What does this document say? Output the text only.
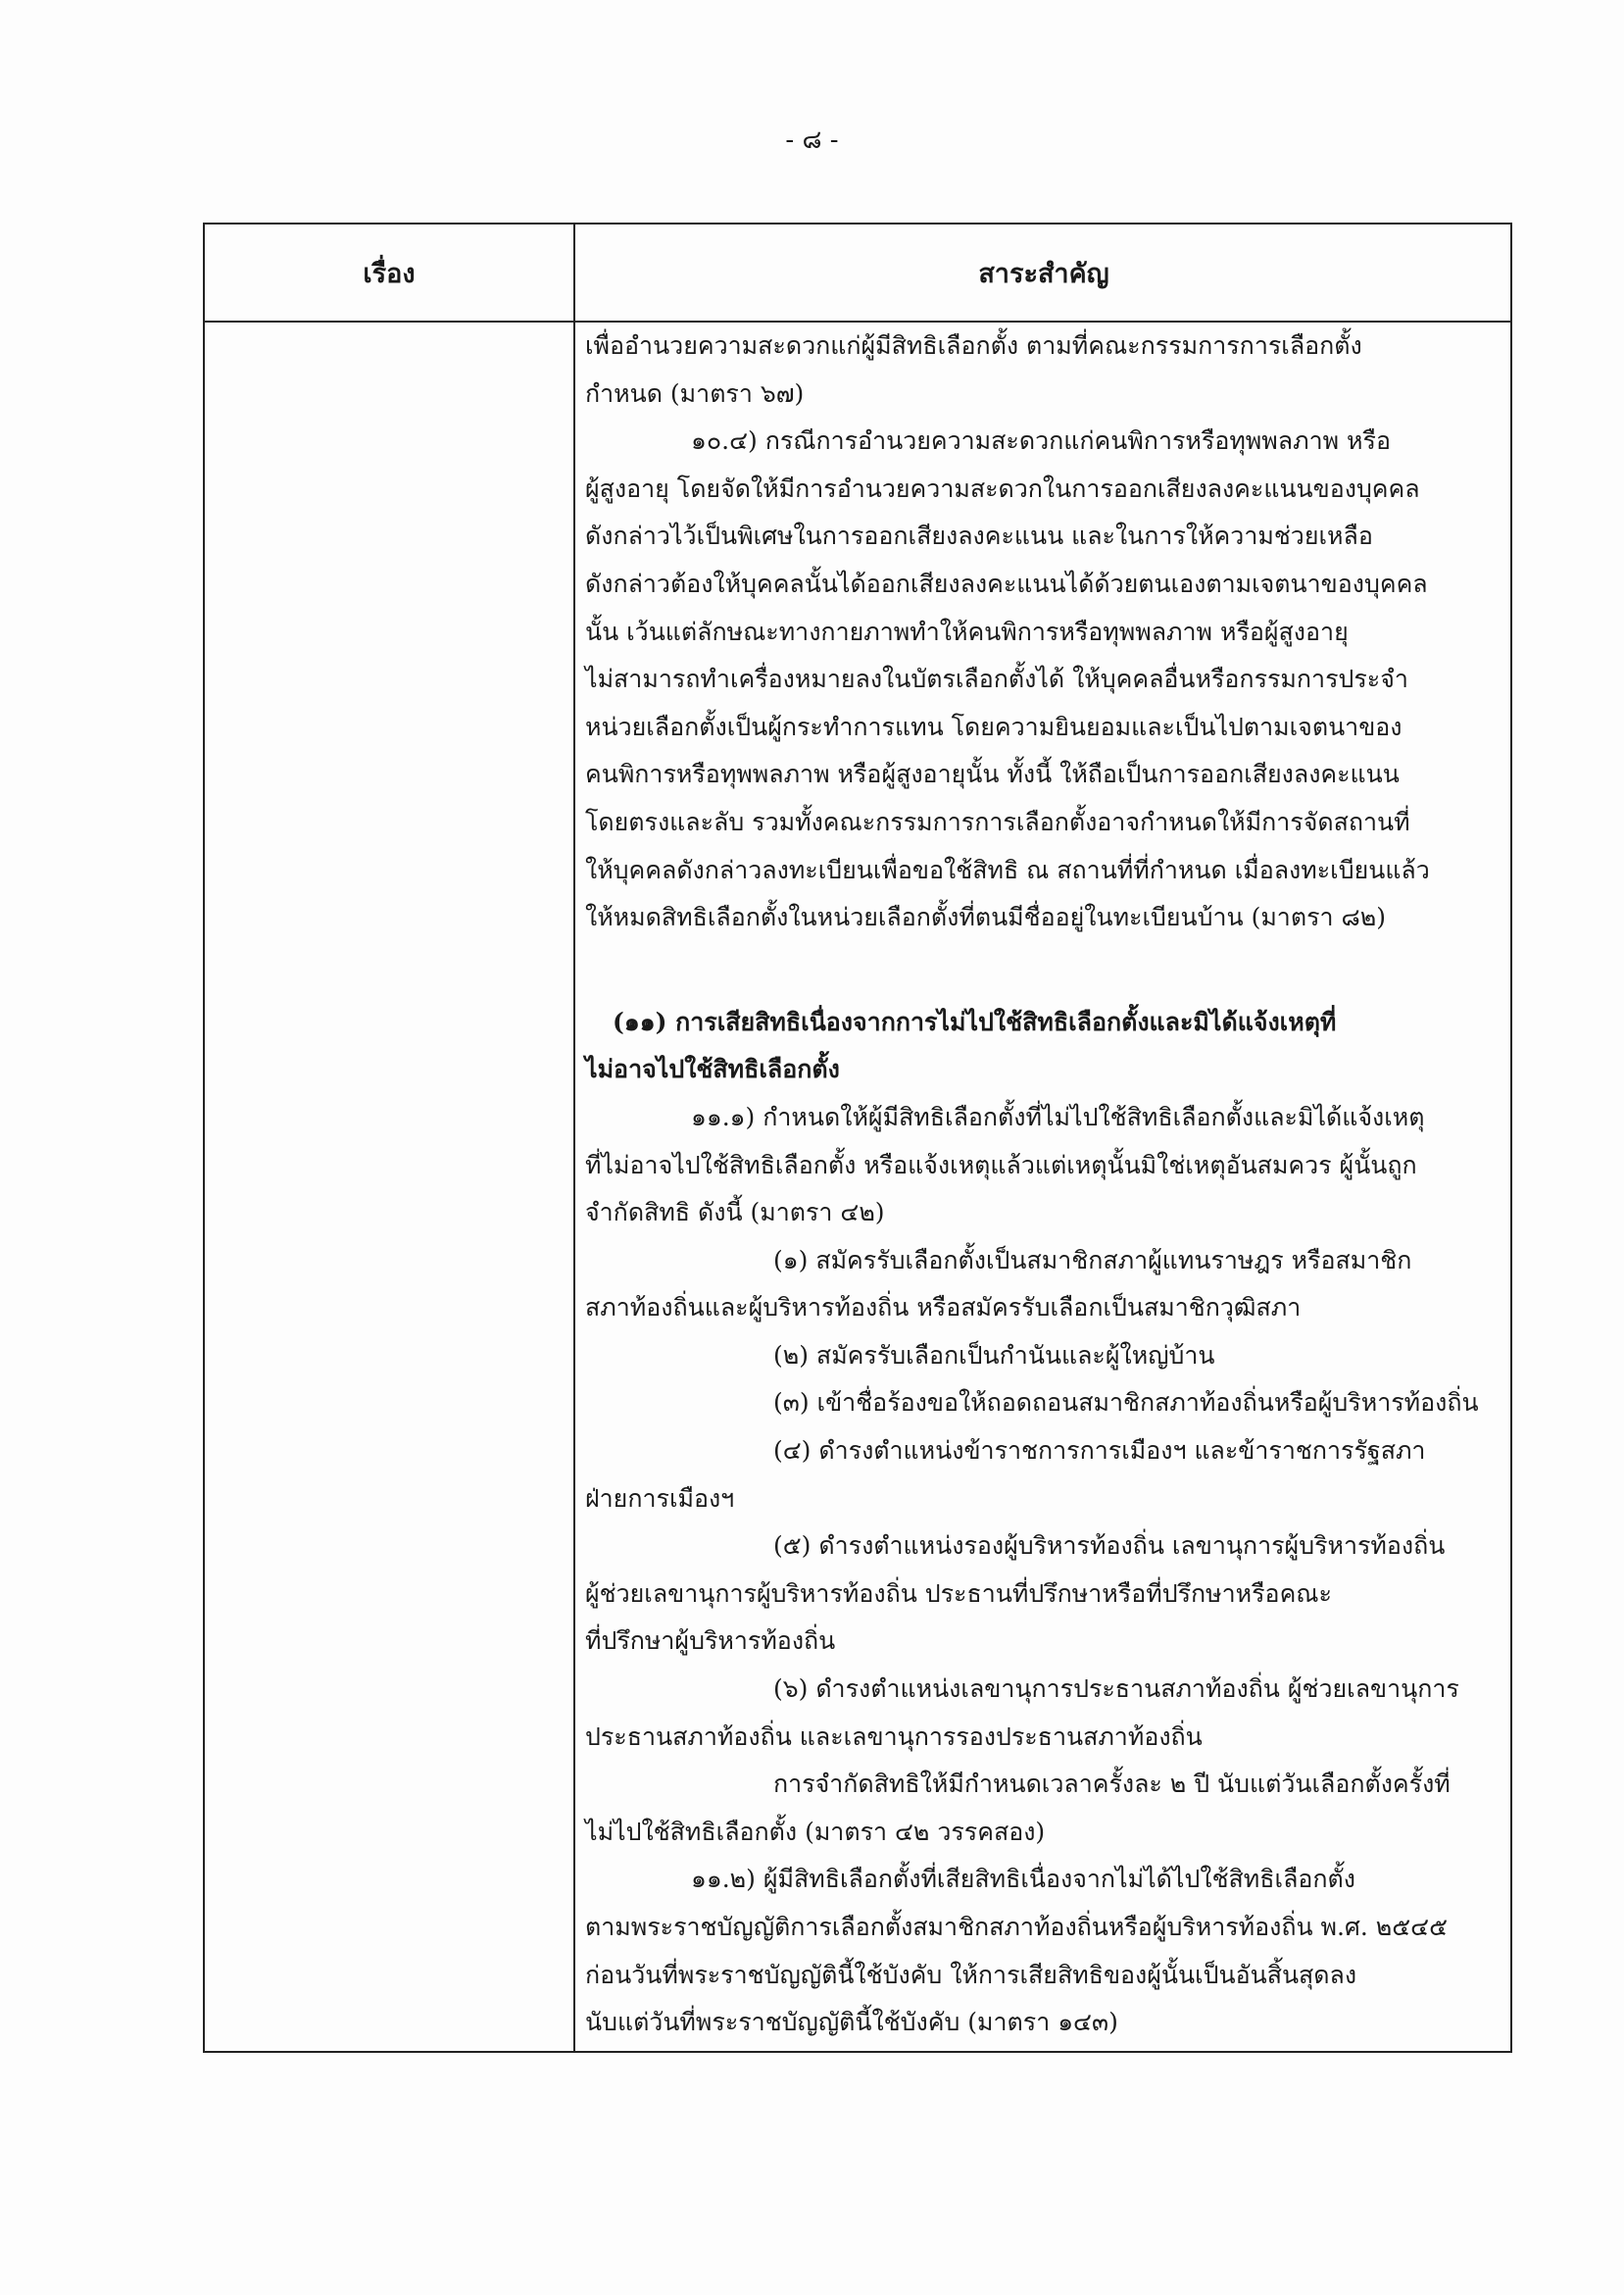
- ๘ -
เรื่อง	สาระสำคัญ
เพื่ออำนวยความสะดวกแก่ผู้มีสิทธิเลือกตั้ง ตามที่คณะกรรมการการเลือกตั้ง
กำหนด (มาตรา ๖๗)
๑๐.๔) กรณีการอำนวยความสะดวกแก่คนพิการหรือทุพพลภาพ หรือ
ผู้สูงอายุ โดยจัดให้มีการอำนวยความสะดวกในการออกเสียงลงคะแนนของบุคคล
ดังกล่าวไว้เป็นพิเศษในการออกเสียงลงคะแนน และในการให้ความช่วยเหลือ
ดังกล่าวต้องให้บุคคลนั้นได้ออกเสียงลงคะแนนได้ด้วยตนเองตามเจตนาของบุคคล
นั้น เว้นแต่ลักษณะทางกายภาพทำให้คนพิการหรือทุพพลภาพ หรือผู้สูงอายุ
ไม่สามารถทำเครื่องหมายลงในบัตรเลือกตั้งได้ ให้บุคคลอื่นหรือกรรมการประจำ
หน่วยเลือกตั้งเป็นผู้กระทำการแทน โดยความยินยอมและเป็นไปตามเจตนาของ
คนพิการหรือทุพพลภาพ หรือผู้สูงอายุนั้น ทั้งนี้ ให้ถือเป็นการออกเสียงลงคะแนน
โดยตรงและลับ รวมทั้งคณะกรรมการการเลือกตั้งอาจกำหนดให้มีการจัดสถานที่
ให้บุคคลดังกล่าวลงทะเบียนเพื่อขอใช้สิทธิ ณ สถานที่ที่กำหนด เมื่อลงทะเบียนแล้ว
ให้หมดสิทธิเลือกตั้งในหน่วยเลือกตั้งที่ตนมีชื่ออยู่ในทะเบียนบ้าน (มาตรา ๘๒)
(๑๑) การเสียสิทธิเนื่องจากการไม่ไปใช้สิทธิเลือกตั้งและมิได้แจ้งเหตุที่
ไม่อาจไปใช้สิทธิเลือกตั้ง
๑๑.๑) กำหนดให้ผู้มีสิทธิเลือกตั้งที่ไม่ไปใช้สิทธิเลือกตั้งและมิได้แจ้งเหตุ
ที่ไม่อาจไปใช้สิทธิเลือกตั้ง หรือแจ้งเหตุแล้วแต่เหตุนั้นมิใช่เหตุอันสมควร ผู้นั้นถูก
จำกัดสิทธิ ดังนี้ (มาตรา ๔๒)
(๑) สมัครรับเลือกตั้งเป็นสมาชิกสภาผู้แทนราษฎร หรือสมาชิก
สภาท้องถิ่นและผู้บริหารท้องถิ่น หรือสมัครรับเลือกเป็นสมาชิกวุฒิสภา
(๒) สมัครรับเลือกเป็นกำนันและผู้ใหญ่บ้าน
(๓) เข้าชื่อร้องขอให้ถอดถอนสมาชิกสภาท้องถิ่นหรือผู้บริหารท้องถิ่น
(๔) ดำรงตำแหน่งข้าราชการการเมืองฯ และข้าราชการรัฐสภา
ฝ่ายการเมืองฯ
(๕) ดำรงตำแหน่งรองผู้บริหารท้องถิ่น เลขานุการผู้บริหารท้องถิ่น
ผู้ช่วยเลขานุการผู้บริหารท้องถิ่น ประธานที่ปรึกษาหรือที่ปรึกษาหรือคณะ
ที่ปรึกษาผู้บริหารท้องถิ่น
(๖) ดำรงตำแหน่งเลขานุการประธานสภาท้องถิ่น ผู้ช่วยเลขานุการ
ประธานสภาท้องถิ่น และเลขานุการรองประธานสภาท้องถิ่น
การจำกัดสิทธิให้มีกำหนดเวลาครั้งละ ๒ ปี นับแต่วันเลือกตั้งครั้งที่
ไม่ไปใช้สิทธิเลือกตั้ง (มาตรา ๔๒ วรรคสอง)
๑๑.๒) ผู้มีสิทธิเลือกตั้งที่เสียสิทธิเนื่องจากไม่ได้ไปใช้สิทธิเลือกตั้ง
ตามพระราชบัญญัติการเลือกตั้งสมาชิกสภาท้องถิ่นหรือผู้บริหารท้องถิ่น พ.ศ. ๒๕๔๕
ก่อนวันที่พระราชบัญญัตินี้ใช้บังคับ ให้การเสียสิทธิของผู้นั้นเป็นอันสิ้นสุดลง
นับแต่วันที่พระราชบัญญัตินี้ใช้บังคับ (มาตรา ๑๔๓)
